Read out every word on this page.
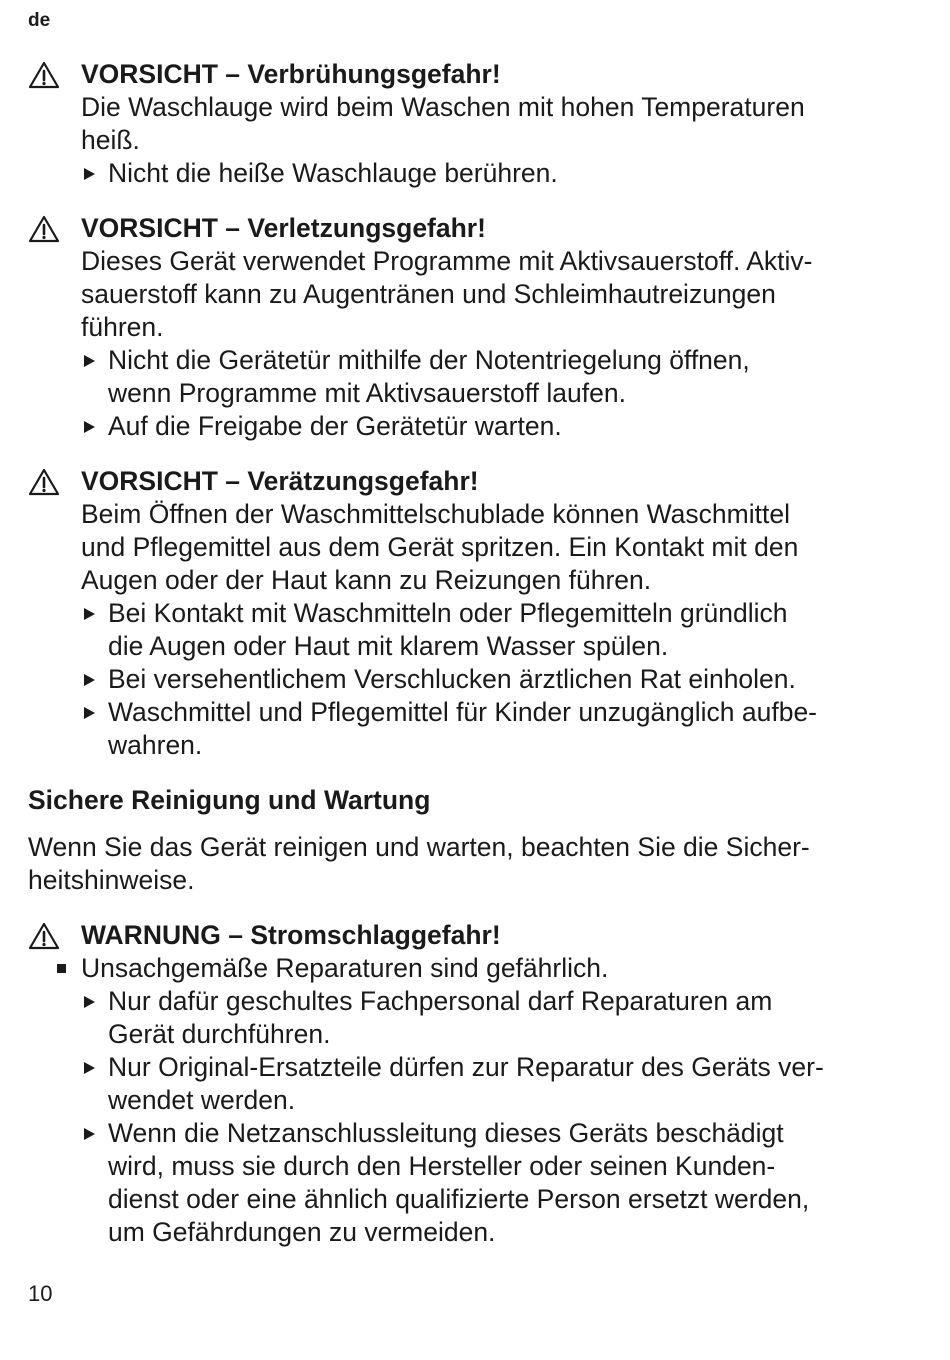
de
VORSICHT – Verbrühungsgefahr!
Die Waschlauge wird beim Waschen mit hohen Temperaturen
heiß.
Nicht die heiße Waschlauge berühren.
VORSICHT – Verletzungsgefahr!
Dieses Gerät verwendet Programme mit Aktivsauerstoff. Aktiv-
sauerstoff kann zu Augentränen und Schleimhautreizungen
führen.
Nicht die Gerätetür mithilfe der Notentriegelung öffnen,
wenn Programme mit Aktivsauerstoff laufen.
Auf die Freigabe der Gerätetür warten.
VORSICHT – Verätzungsgefahr!
Beim Öffnen der Waschmittelschublade können Waschmittel
und Pflegemittel aus dem Gerät spritzen. Ein Kontakt mit den
Augen oder der Haut kann zu Reizungen führen.
Bei Kontakt mit Waschmitteln oder Pflegemitteln gründlich
die Augen oder Haut mit klarem Wasser spülen.
Bei versehentlichem Verschlucken ärztlichen Rat einholen.
Waschmittel und Pflegemittel für Kinder unzugänglich aufbe-
wahren.
Sichere Reinigung und Wartung
Wenn Sie das Gerät reinigen und warten, beachten Sie die Sicher-
heitshinweise.
WARNUNG – Stromschlaggefahr!
Unsachgemäße Reparaturen sind gefährlich.
Nur dafür geschultes Fachpersonal darf Reparaturen am
Gerät durchführen.
Nur Original-Ersatzteile dürfen zur Reparatur des Geräts ver-
wendet werden.
Wenn die Netzanschlussleitung dieses Geräts beschädigt
wird, muss sie durch den Hersteller oder seinen Kunden-
dienst oder eine ähnlich qualifizierte Person ersetzt werden,
um Gefährdungen zu vermeiden.
10
